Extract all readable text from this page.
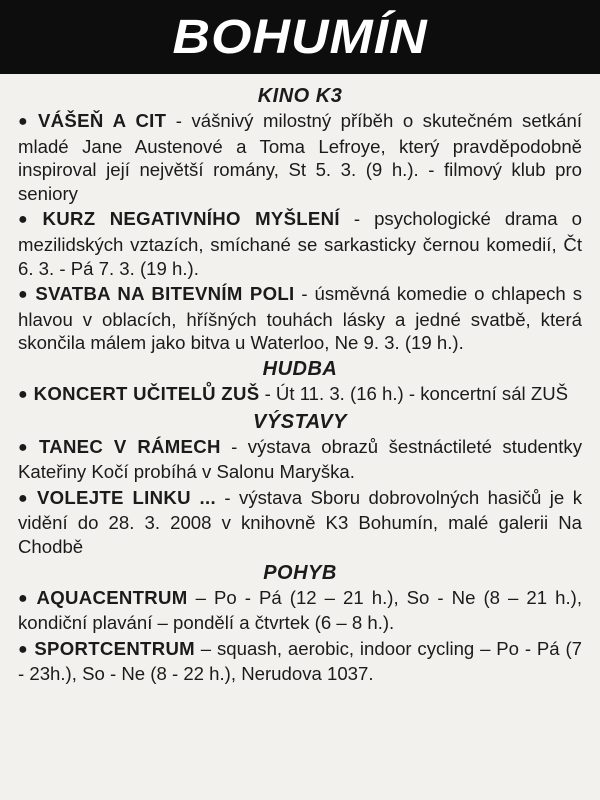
BOHUMÍN
KINO K3

● VÁŠEŇ A CIT - vášnivý milostný příběh o skutečném setkání mladé Jane Austenové a Toma Lefroye, který pravděpodobně inspiroval její největší romány, St 5. 3. (9 h.). - filmový klub pro seniory

● KURZ NEGATIVNÍHO MYŠLENÍ - psychologické drama o mezilidských vztazích, smíchané se sarkasticky černou komedií, Čt 6. 3. - Pá 7. 3. (19 h.).

● SVATBA NA BITEVNÍM POLI - úsměvná komedie o chlapech s hlavou v oblacích, hříšných touhách lásky a jedné svatbě, která skončila málem jako bitva u Waterloo, Ne 9. 3. (19 h.).

HUDBA

● KONCERT UČITELŮ ZUŠ - Út 11. 3. (16 h.) - koncertní sál ZUŠ

VÝSTAVY

● TANEC V RÁMECH - výstava obrazů šestnáctileté studentky Kateřiny Kočí probíhá v Salonu Maryška.

● VOLEJTE LINKU ... - výstava Sboru dobrovolných hasičů je k vidění do 28. 3. 2008 v knihovně K3 Bohumín, malé galerii Na Chodbě

POHYB

● AQUACENTRUM – Po - Pá (12 – 21 h.), So - Ne (8 – 21 h.), kondiční plavání – pondělí a čtvrtek (6 – 8 h.).

● SPORTCENTRUM – squash, aerobic, indoor cycling – Po - Pá (7 - 23h.), So - Ne (8 - 22 h.), Nerudova 1037.
